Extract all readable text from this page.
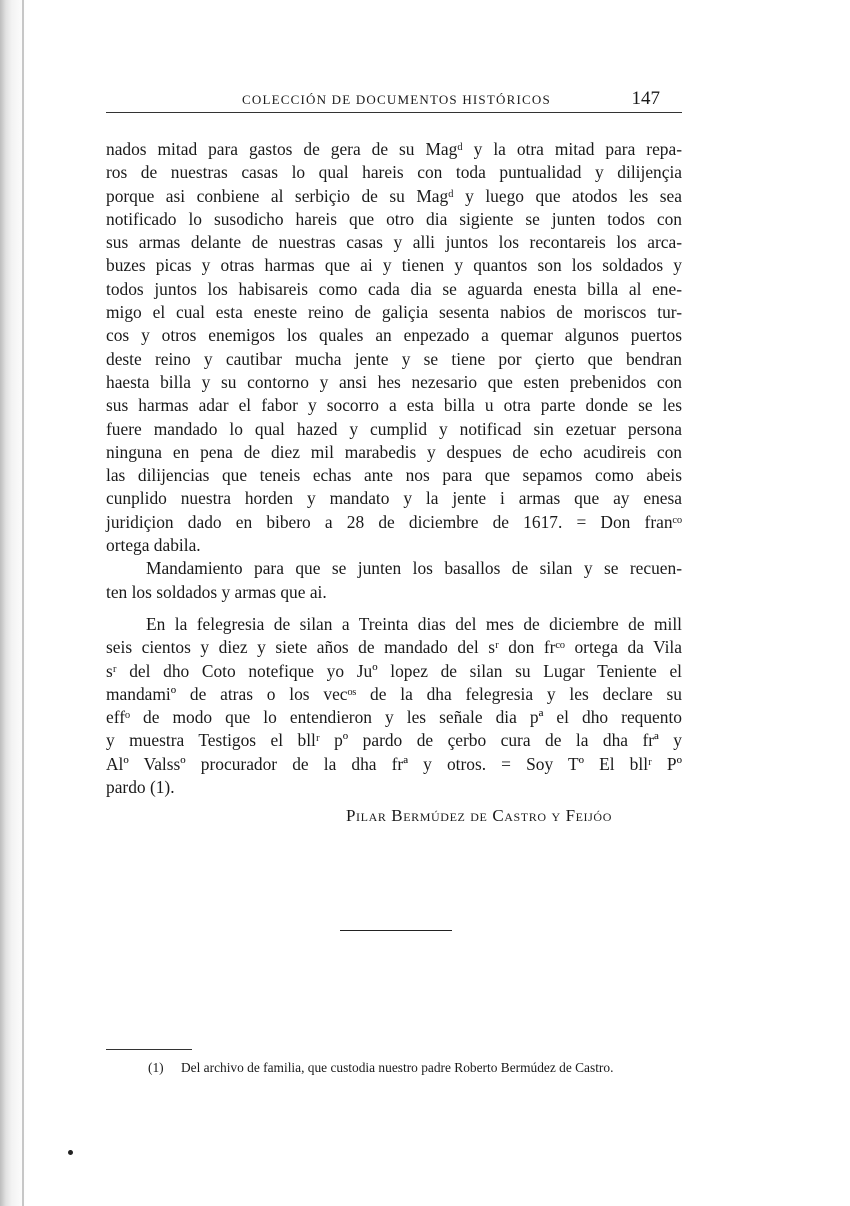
COLECCIÓN DE DOCUMENTOS HISTÓRICOS	147
nados mitad para gastos de gera de su Magᵈ y la otra mitad para repa-
ros de nuestras casas lo qual hareis con toda puntualidad y dilijençia
porque asi conbiene al serbiçio de su Magᵈ y luego que atodos les sea
notificado lo susodicho hareis que otro dia sigiente se junten todos con
sus armas delante de nuestras casas y alli juntos los recontareis los arca-
buzes picas y otras harmas que ai y tienen y quantos son los soldados y
todos juntos los habisareis como cada dia se aguarda enesta billa al ene-
migo el cual esta eneste reino de galiçia sesenta nabios de moriscos tur-
cos y otros enemigos los quales an enpezado a quemar algunos puertos
deste reino y cautibar mucha jente y se tiene por çierto que bendran
haesta billa y su contorno y ansi hes nezesario que esten prebenidos con
sus harmas adar el fabor y socorro a esta billa u otra parte donde se les
fuere mandado lo qual hazed y cumplid y notificad sin ezetuar persona
ninguna en pena de diez mil marabedis y despues de echo acudireis con
las dilijencias que teneis echas ante nos para que sepamos como abeis
cunplido nuestra horden y mandato y la jente i armas que ay enesa
juridiçion dado en bibero a 28 de diciembre de 1617. = Don franᶜᵒ
ortega dabila.
Mandamiento para que se junten los basallos de silan y se recuen-
ten los soldados y armas que ai.
En la felegresia de silan a Treinta dias del mes de diciembre de mill
seis cientos y diez y siete años de mandado del sʳ don frᶜᵒ ortega da Vila
sʳ del dho Coto notefique yo Juº lopez de silan su Lugar Teniente el
mandamiº de atras o los vecᵒˢ de la dha felegresia y les declare su
effᵒ de modo que lo entendieron y les señale dia pª el dho requento
y muestra Testigos el bllʳ pº pardo de çerbo cura de la dha frª y
Alº Valssº procurador de la dha frª y otros. = Soy Tº El bllʳ Pº
pardo (1).
Pilar Bermúdez de Castro y Feijóo
(1) Del archivo de familia, que custodia nuestro padre Roberto Bermúdez de Castro.
